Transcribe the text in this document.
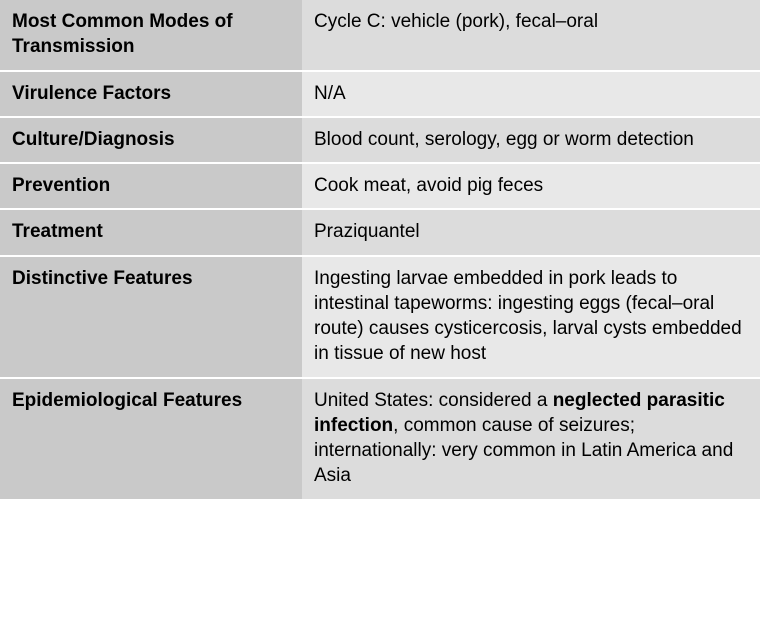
Most Common Modes of Transmission	Cycle C: vehicle (pork), fecal–oral
Virulence Factors	N/A
Culture/Diagnosis	Blood count, serology, egg or worm detection
Prevention	Cook meat, avoid pig feces
Treatment	Praziquantel
Distinctive Features	Ingesting larvae embedded in pork leads to intestinal tapeworms: ingesting eggs (fecal–oral route) causes cysticercosis, larval cysts embedded in tissue of new host
Epidemiological Features	United States: considered a neglected parasitic infection, common cause of seizures; internationally: very common in Latin America and Asia
